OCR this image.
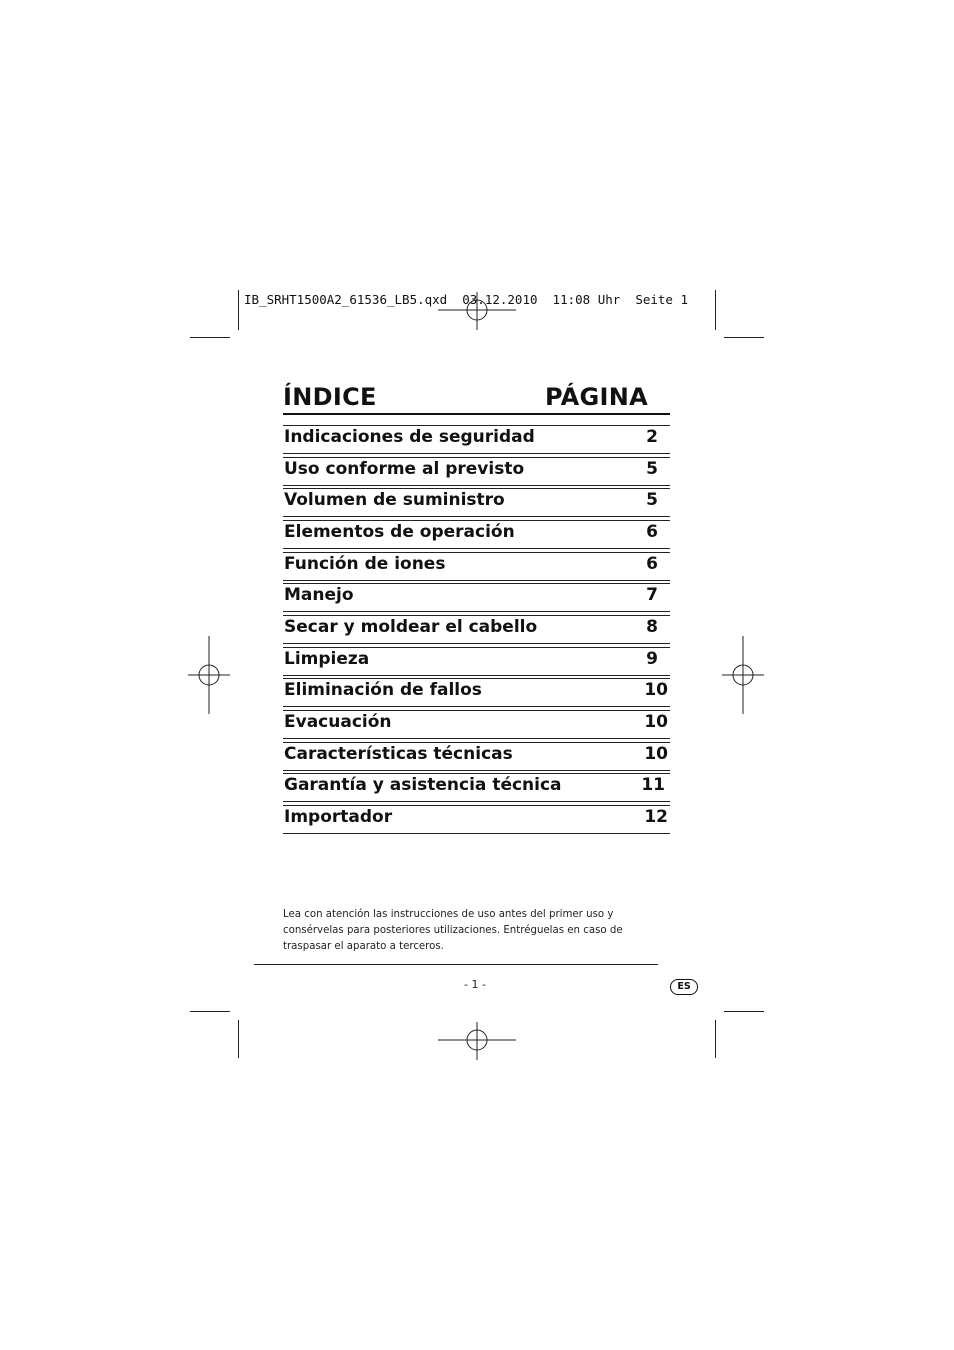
IB_SRHT1500A2_61536_LB5.qxd  03.12.2010  11:08 Uhr  Seite 1
ÍNDICE	PÁGINA
Indicaciones de seguridad	2
Uso conforme al previsto	5
Volumen de suministro	5
Elementos de operación	6
Función de iones	6
Manejo	7
Secar y moldear el cabello	8
Limpieza	9
Eliminación de fallos	10
Evacuación	10
Características técnicas	10
Garantía y asistencia técnica	11
Importador	12
Lea con atención las instrucciones de uso antes del primer uso y consérvelas para posteriores utilizaciones. Entréguelas en caso de traspasar el aparato a terceros.
- 1 -	ES
